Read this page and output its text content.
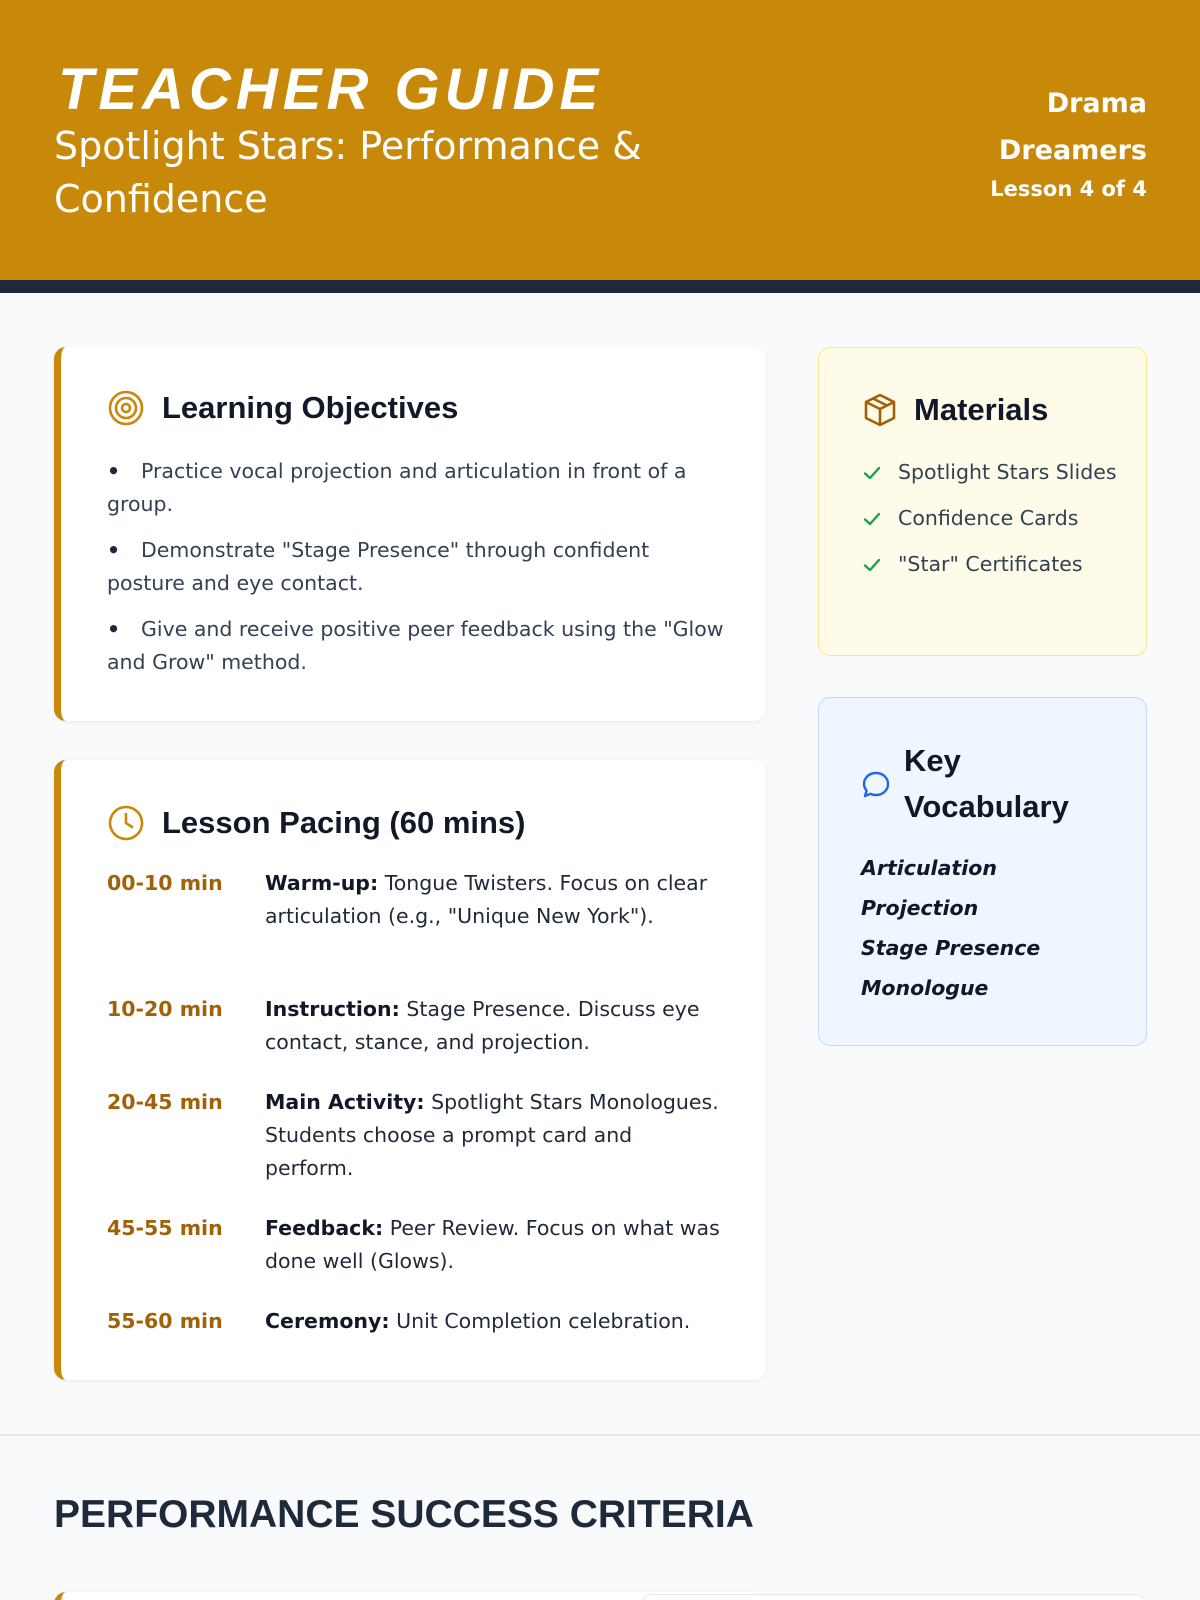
TEACHER GUIDE
Spotlight Stars: Performance & Confidence
Drama Dreamers
Lesson 4 of 4
Learning Objectives
• Practice vocal projection and articulation in front of a group.
• Demonstrate "Stage Presence" through confident posture and eye contact.
• Give and receive positive peer feedback using the "Glow and Grow" method.
Lesson Pacing (60 mins)
00-10 min	Warm-up: Tongue Twisters. Focus on clear articulation (e.g., "Unique New York").
10-20 min	Instruction: Stage Presence. Discuss eye contact, stance, and projection.
20-45 min	Main Activity: Spotlight Stars Monologues. Students choose a prompt card and perform.
45-55 min	Feedback: Peer Review. Focus on what was done well (Glows).
55-60 min	Ceremony: Unit Completion celebration.
Materials
Spotlight Stars Slides
Confidence Cards
"Star" Certificates
Key Vocabulary
Articulation
Projection
Stage Presence
Monologue
PERFORMANCE SUCCESS CRITERIA
